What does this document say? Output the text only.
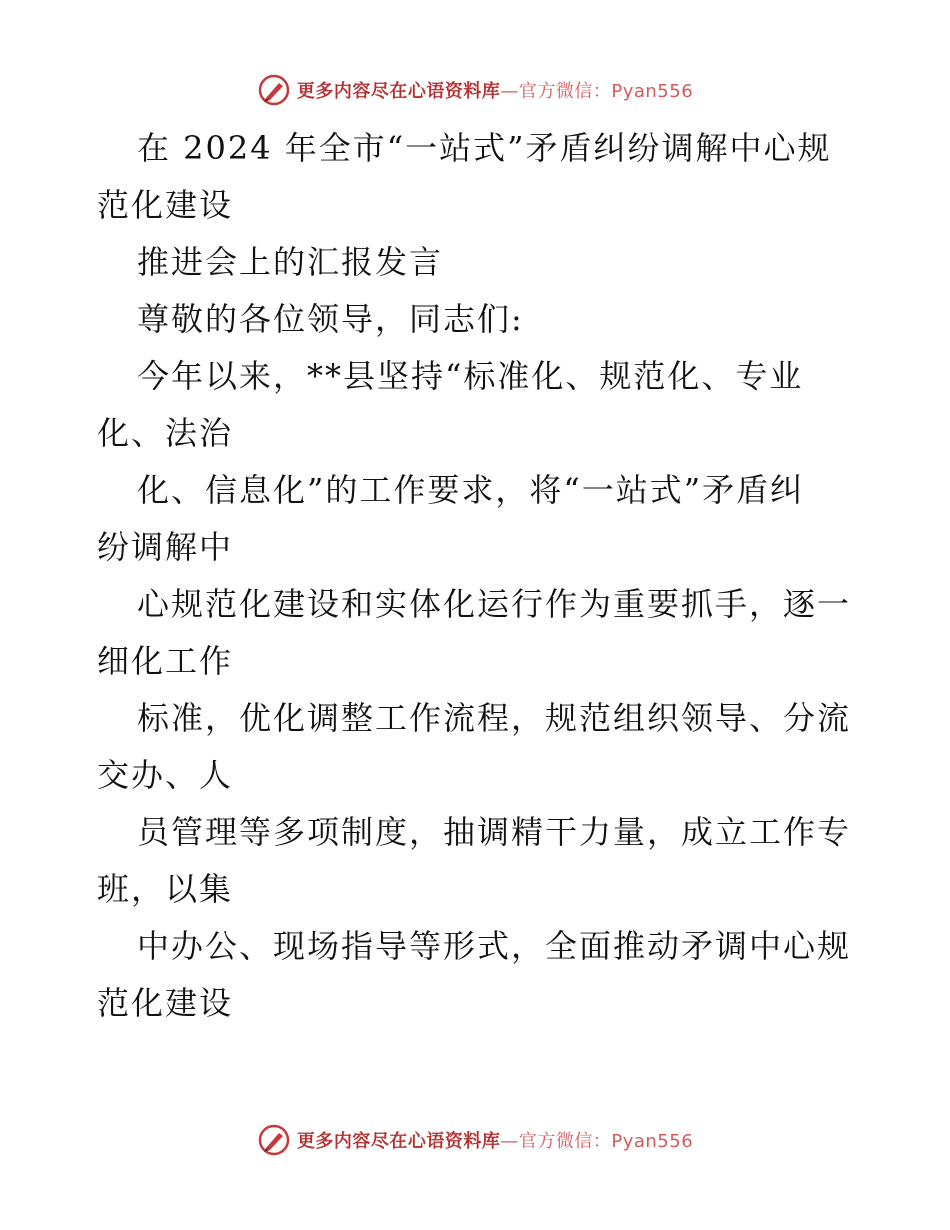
更多内容尽在心语资料库—官方微信：Pyan556
在 2024 年全市“一站式”矛盾纠纷调解中心规
范化建设
推进会上的汇报发言
尊敬的各位领导，同志们:
今年以来，**县坚持“标准化、规范化、专业
化、法治
化、信息化”的工作要求，将“一站式”矛盾纠
纷调解中
心规范化建设和实体化运行作为重要抓手，逐一
细化工作
标准，优化调整工作流程，规范组织领导、分流
交办、人
员管理等多项制度，抽调精干力量，成立工作专
班，以集
中办公、现场指导等形式，全面推动矛调中心规
范化建设
更多内容尽在心语资料库—官方微信：Pyan556
